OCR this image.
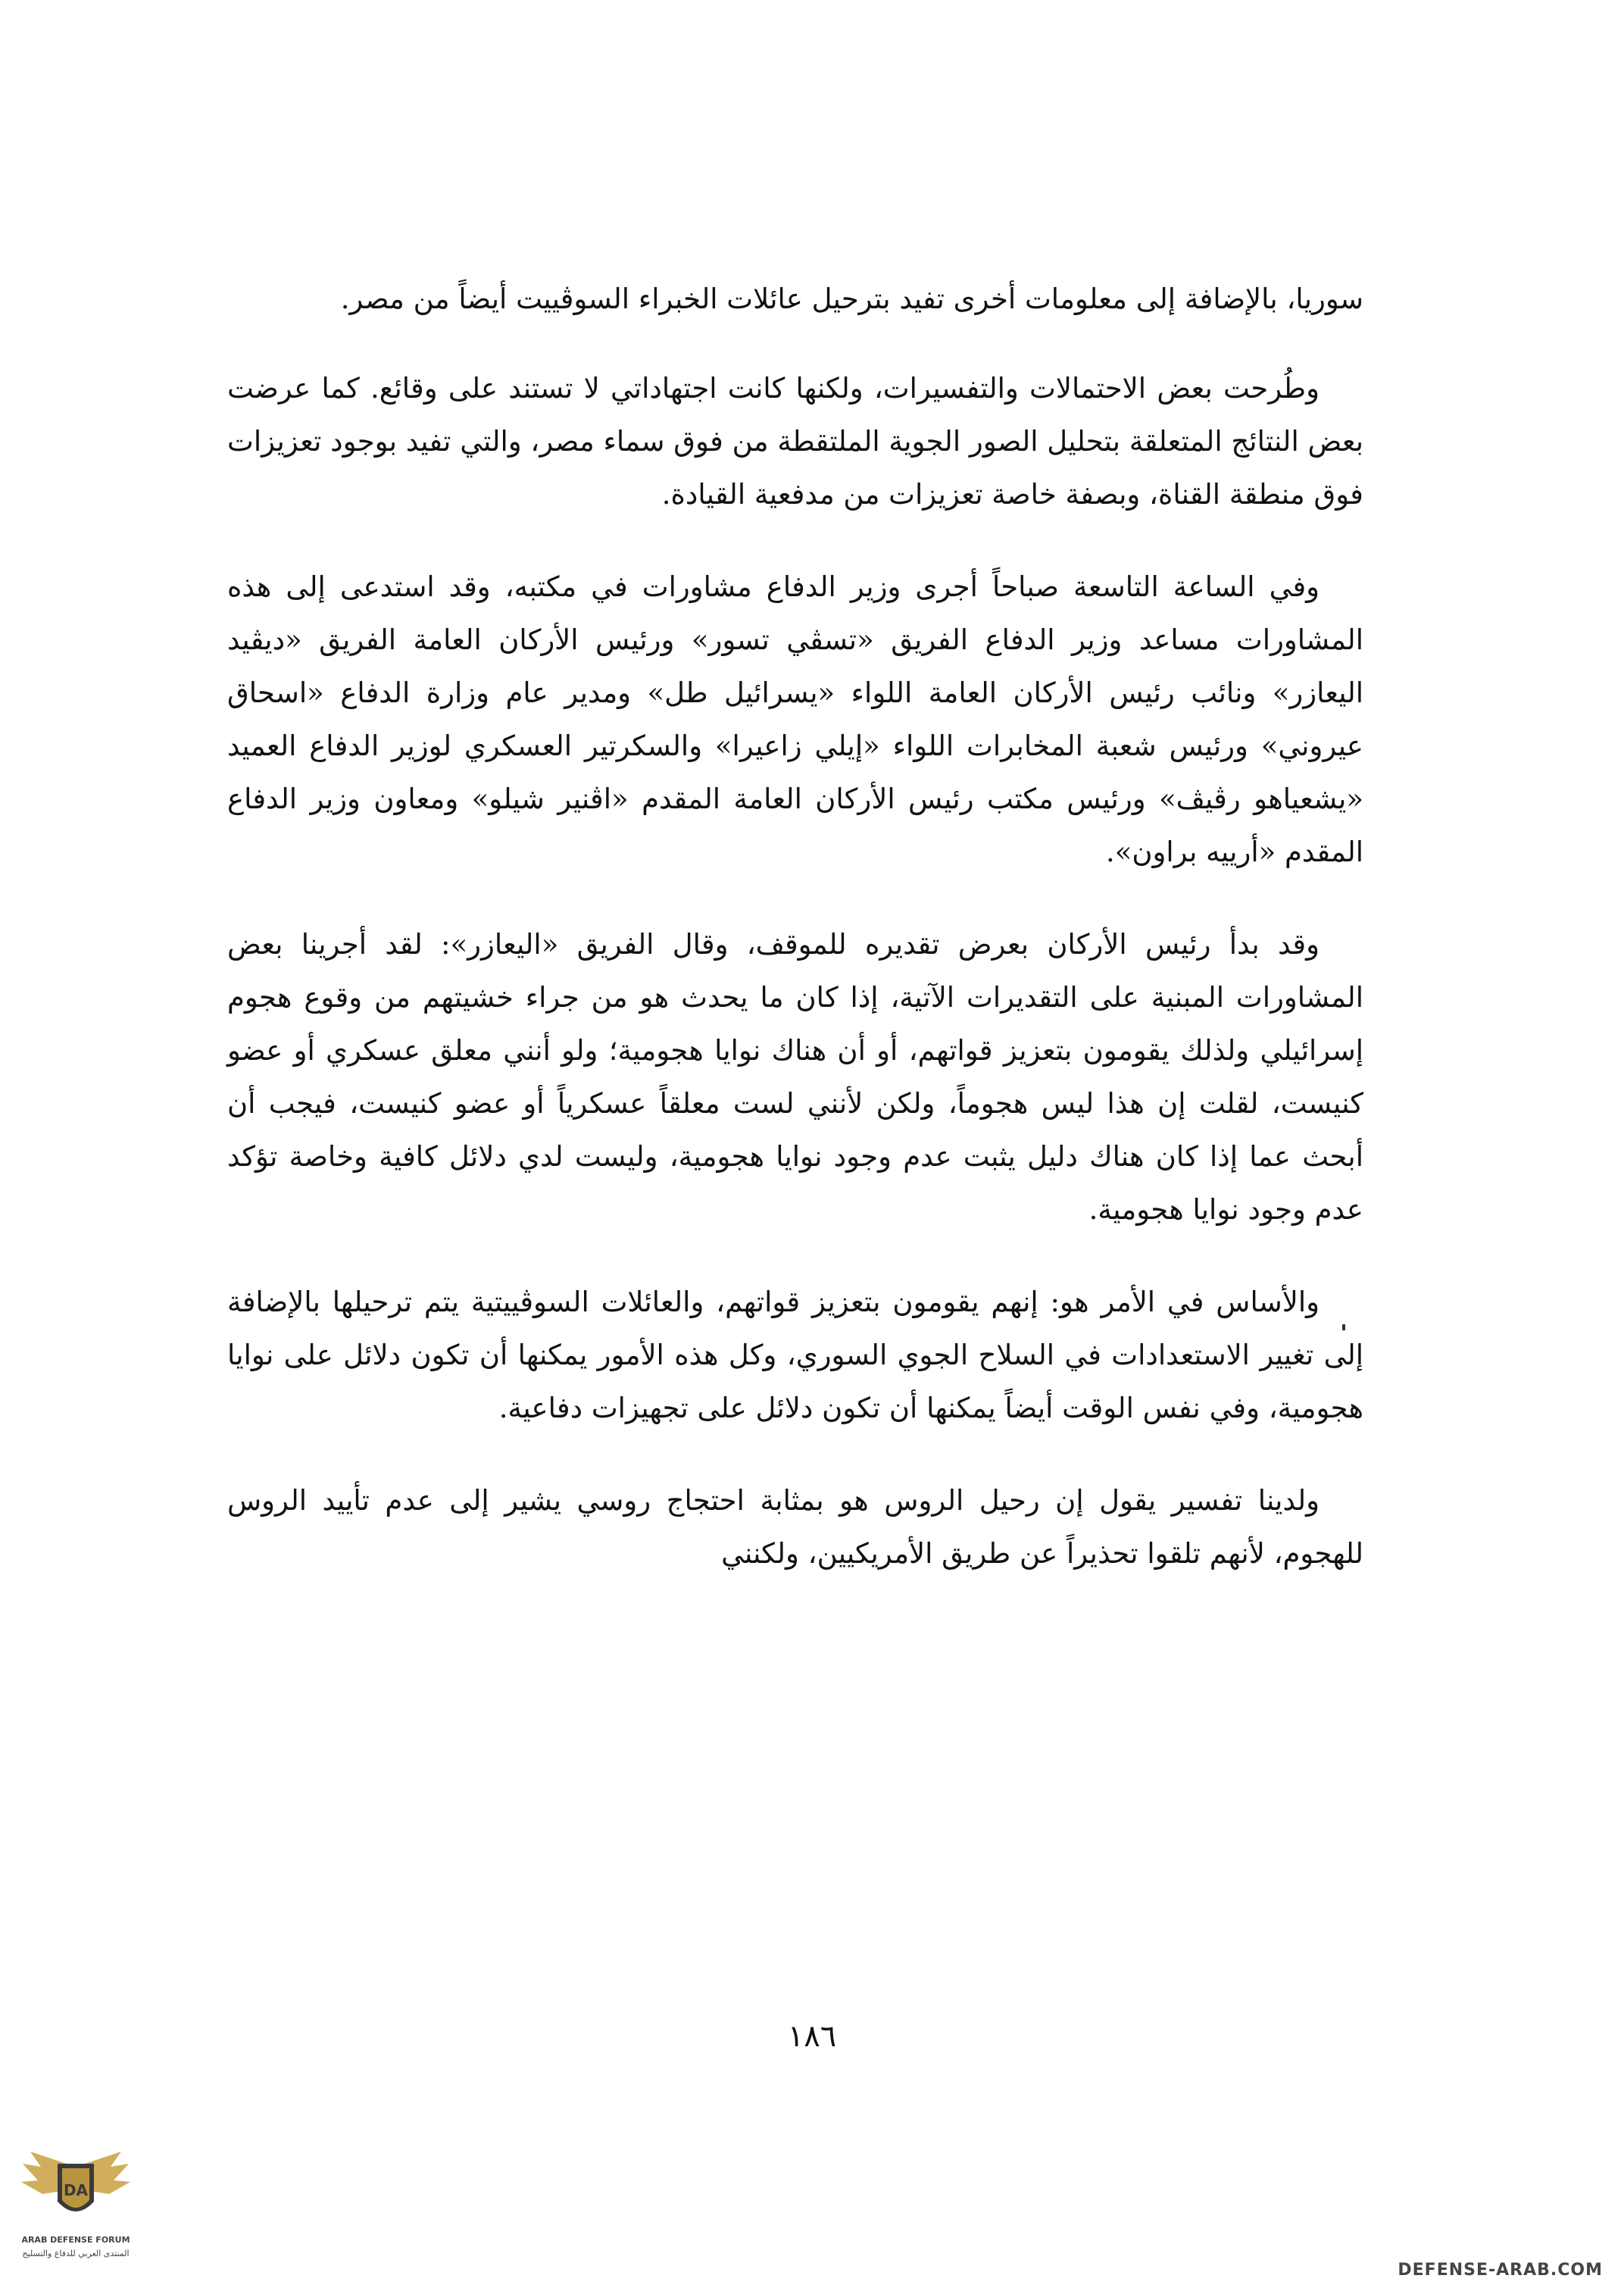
سوريا، بالإضافة إلى معلومات أخرى تفيد بترحيل عائلات الخبراء السوڤييت أيضاً من مصر.

وطُرحت بعض الاحتمالات والتفسيرات، ولكنها كانت اجتهاداتي لا تستند على وقائع. كما عرضت بعض النتائج المتعلقة بتحليل الصور الجوية الملتقطة من فوق سماء مصر، والتي تفيد بوجود تعزيزات فوق منطقة القناة، وبصفة خاصة تعزيزات من مدفعية القيادة.

وفي الساعة التاسعة صباحاً أجرى وزير الدفاع مشاورات في مكتبه، وقد استدعى إلى هذه المشاورات مساعد وزير الدفاع الفريق «تسڤي تسور» ورئيس الأركان العامة الفريق «ديڤيد اليعازر» ونائب رئيس الأركان العامة اللواء «يسرائيل طل» ومدير عام وزارة الدفاع «اسحاق عيروني» ورئيس شعبة المخابرات اللواء «إيلي زاعيرا» والسكرتير العسكري لوزير الدفاع العميد «يشعياهو رڤيڤ» ورئيس مكتب رئيس الأركان العامة المقدم «اڤنير شيلو» ومعاون وزير الدفاع المقدم «أرييه براون».

وقد بدأ رئيس الأركان بعرض تقديره للموقف، وقال الفريق «اليعازر»: لقد أجرينا بعض المشاورات المبنية على التقديرات الآتية، إذا كان ما يحدث هو من جراء خشيتهم من وقوع هجوم إسرائيلي ولذلك يقومون بتعزيز قواتهم، أو أن هناك نوايا هجومية؛ ولو أنني معلق عسكري أو عضو كنيست، لقلت إن هذا ليس هجوماً، ولكن لأنني لست معلقاً عسكرياً أو عضو كنيست، فيجب أن أبحث عما إذا كان هناك دليل يثبت عدم وجود نوايا هجومية، وليست لدي دلائل كافية وخاصة تؤكد عدم وجود نوايا هجومية.

والأساس في الأمر هو: إنهم يقومون بتعزيز قواتهم، والعائلات السوڤييتية يتم ترحيلها بالإضافة إلى تغيير الاستعدادات في السلاح الجوي السوري، وكل هذه الأمور يمكنها أن تكون دلائل على نوايا هجومية، وفي نفس الوقت أيضاً يمكنها أن تكون دلائل على تجهيزات دفاعية.

ولدينا تفسير يقول إن رحيل الروس هو بمثابة احتجاج روسي يشير إلى عدم تأييد الروس للهجوم، لأنهم تلقوا تحذيراً عن طريق الأمريكيين، ولكنني

١٨٦
DA
ARAB DEFENSE FORUM
المنتدى العربي للدفاع والتسليح
DEFENSE-ARAB.COM
